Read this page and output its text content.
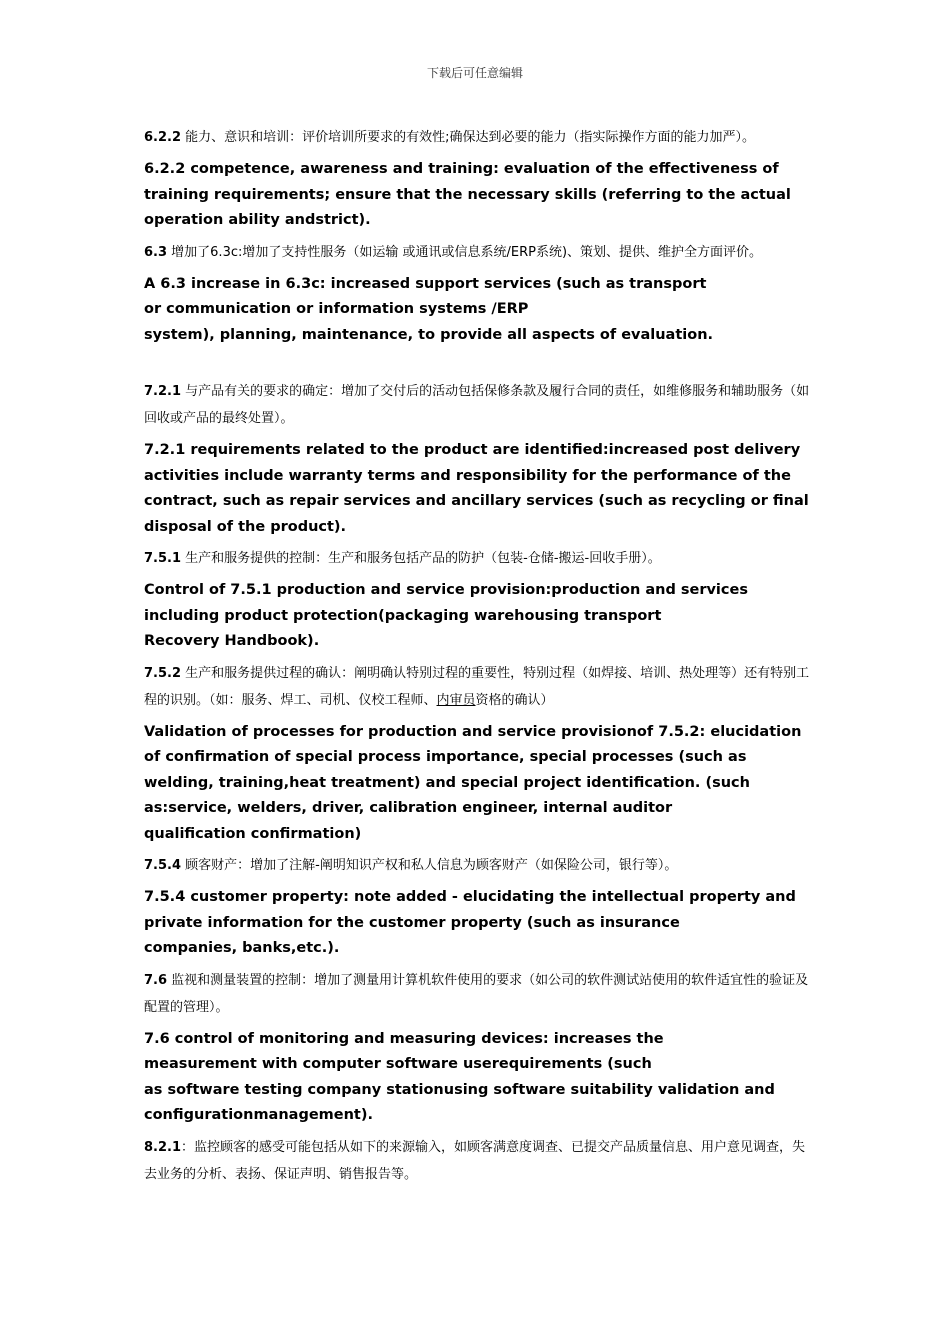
下载后可任意编辑

6.2.2 能力、意识和培训：评价培训所要求的有效性;确保达到必要的能力（指实际操作方面的能力加严）。

6.2.2 competence, awareness and training: evaluation of the effectiveness of
training requirements; ensure that the necessary skills (referring to the actual
operation ability andstrict).

6.3 增加了6.3c:增加了支持性服务（如运输 或通讯或信息系统/ERP系统)、策划、提供、维护全方面评价。

A 6.3 increase in 6.3c: increased support services (such as transport
or communication or information systems /ERP
system), planning, maintenance, to provide all aspects of evaluation.

7.2.1 与产品有关的要求的确定：增加了交付后的活动包括保修条款及履行合同的责任，如维修服务和辅助服务（如回收或产品的最终处置）。

7.2.1 requirements related to the product are identified:increased post delivery
activities include warranty terms and responsibility for the performance of the
contract, such as repair services and ancillary services (such as recycling or final
disposal of the product).

7.5.1 生产和服务提供的控制：生产和服务包括产品的防护（包装-仓储-搬运-回收手册）。

Control of 7.5.1 production and service provision:production and services
including product protection(packaging warehousing transport
Recovery Handbook).

7.5.2 生产和服务提供过程的确认：阐明确认特别过程的重要性，特别过程（如焊接、培训、热处理等）还有特别工程的识别。（如：服务、焊工、司机、仪校工程师、内审员资格的确认）

Validation of processes for production and service provisionof 7.5.2: elucidation
of confirmation of special process importance, special processes (such as
welding, training,heat treatment) and special project identification. (such
as:service, welders, driver, calibration engineer, internal auditor
qualification confirmation)

7.5.4 顾客财产：增加了注解-阐明知识产权和私人信息为顾客财产（如保险公司，银行等）。

7.5.4 customer property: note added - elucidating the intellectual property and
private information for the customer property (such as insurance
companies, banks,etc.).

7.6 监视和测量装置的控制：增加了测量用计算机软件使用的要求（如公司的软件测试站使用的软件适宜性的验证及配置的管理）。

7.6 control of monitoring and measuring devices: increases the
measurement with computer software userequirements (such
as software testing company stationusing software suitability validation and
configurationmanagement).

8.2.1：监控顾客的感受可能包括从如下的来源输入，如顾客满意度调查、已提交产品质量信息、用户意见调查，失去业务的分析、表扬、保证声明、销售报告等。
